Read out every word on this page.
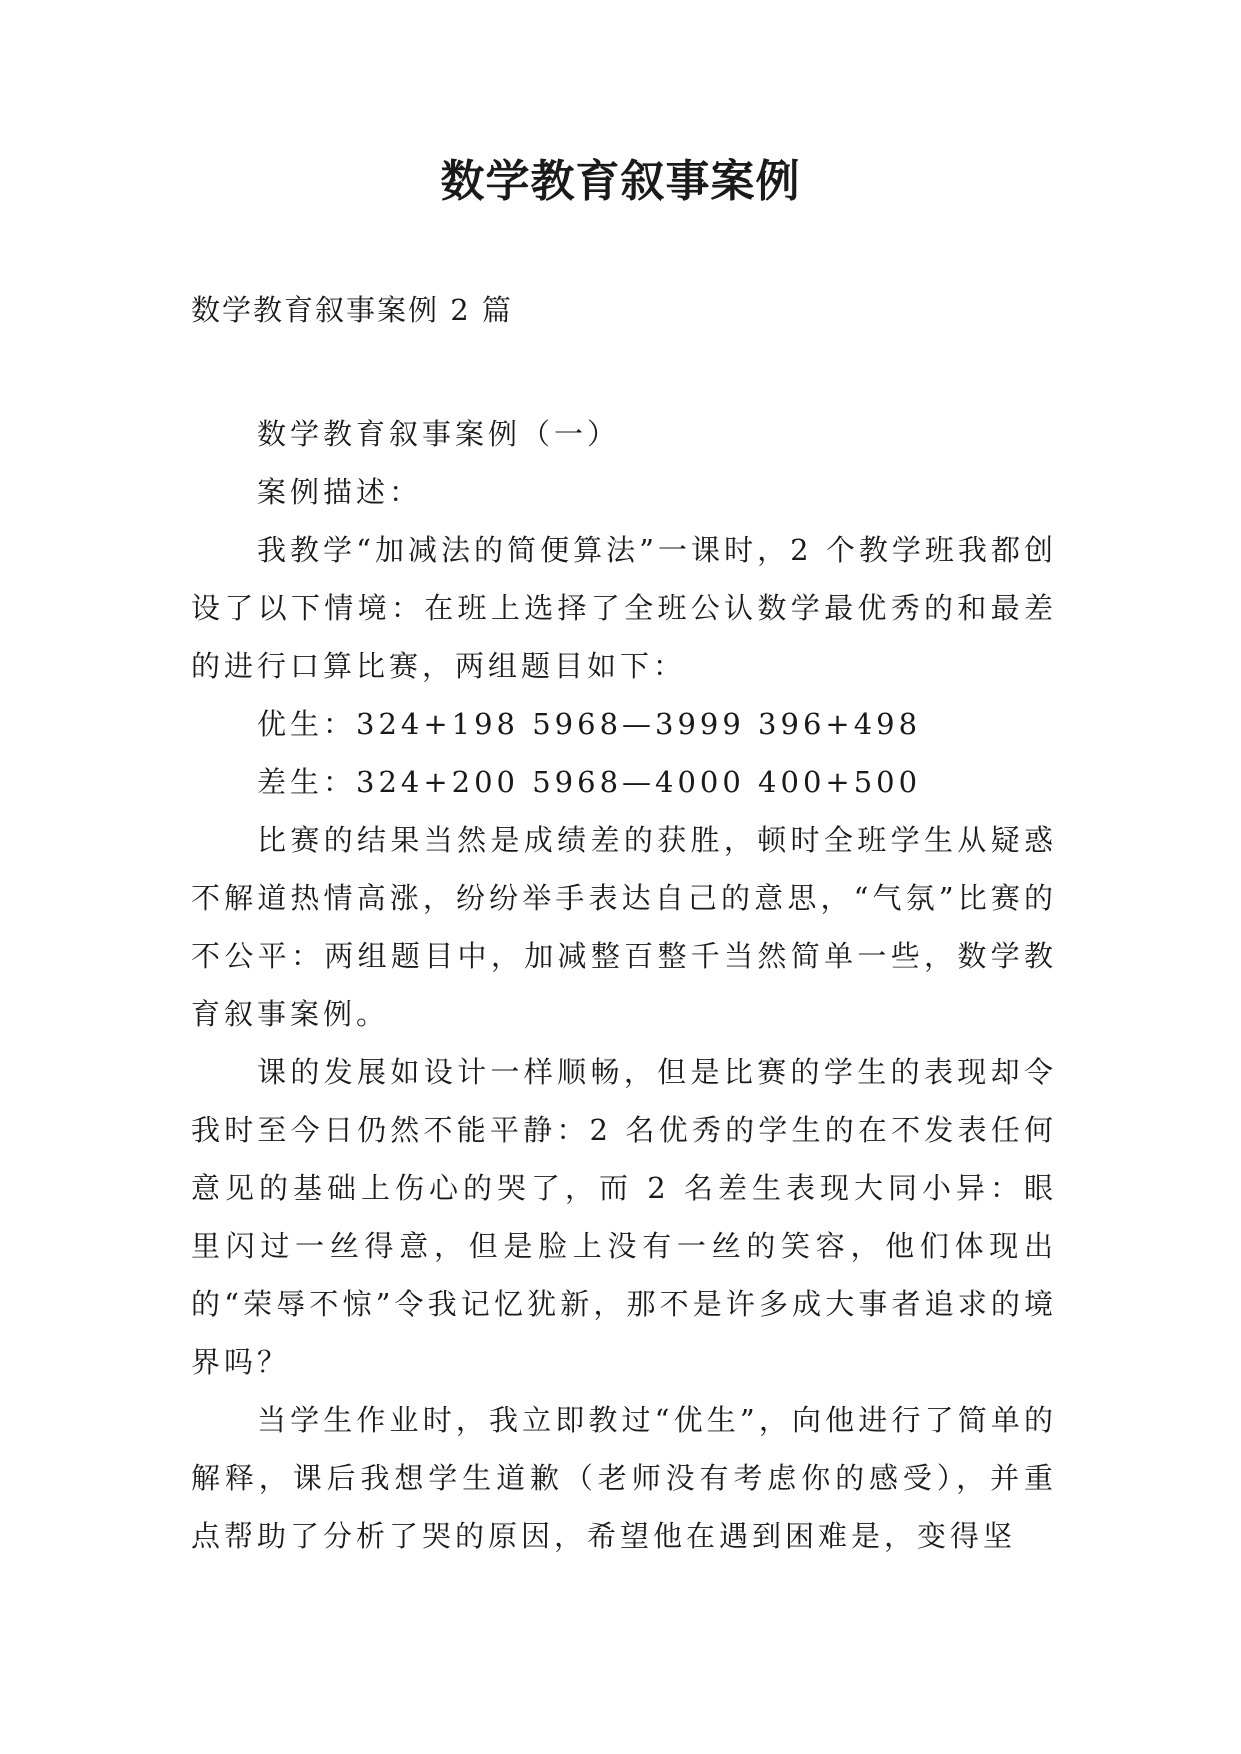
数学教育叙事案例
数学教育叙事案例 2 篇

数学教育叙事案例（一）

案例描述：

我教学“加减法的简便算法”一课时，2 个教学班我都创设了以下情境：在班上选择了全班公认数学最优秀的和最差的进行口算比赛，两组题目如下：

优生：324+198 5968—3999 396+498

差生：324+200 5968—4000 400+500

比赛的结果当然是成绩差的获胜，顿时全班学生从疑惑不解道热情高涨，纷纷举手表达自己的意思，“气氛”比赛的不公平：两组题目中，加减整百整千当然简单一些，数学教育叙事案例。

课的发展如设计一样顺畅，但是比赛的学生的表现却令我时至今日仍然不能平静：2 名优秀的学生的在不发表任何意见的基础上伤心的哭了，而 2 名差生表现大同小异：眼里闪过一丝得意，但是脸上没有一丝的笑容，他们体现出的“荣辱不惊”令我记忆犹新，那不是许多成大事者追求的境界吗？

当学生作业时，我立即教过“优生”，向他进行了简单的解释，课后我想学生道歉（老师没有考虑你的感受），并重点帮助了分析了哭的原因，希望他在遇到困难是，变得坚
